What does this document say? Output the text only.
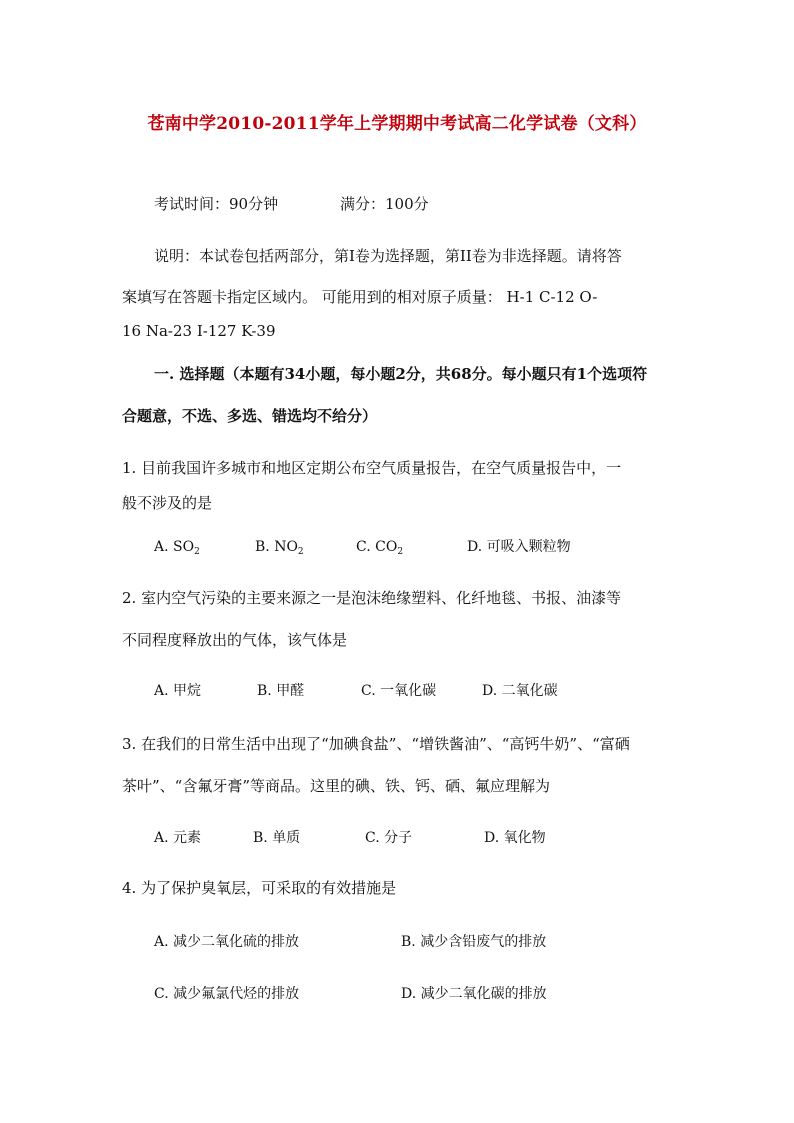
苍南中学2010-2011学年上学期期中考试高二化学试卷（文科）
考试时间：90分钟	满分：100分
说明：本试卷包括两部分，第I卷为选择题，第II卷为非选择题。请将答
案填写在答题卡指定区域内。 可能用到的相对原子质量： H-1 C-12 O-
16 Na-23 I-127 K-39
一. 选择题（本题有34小题，每小题2分，共68分。每小题只有1个选项符
合题意，不选、多选、错选均不给分）
1. 目前我国许多城市和地区定期公布空气质量报告，在空气质量报告中，一
般不涉及的是
A. $SO_2$	B. $NO_2$	C. $CO_2$	D. 可吸入颗粒物
2. 室内空气污染的主要来源之一是泡沫绝缘塑料、化纤地毯、书报、油漆等
不同程度释放出的气体，该气体是
A. 甲烷	B. 甲醛	C. 一氧化碳	D. 二氧化碳
3. 在我们的日常生活中出现了“加碘食盐”、“增铁酱油”、“高钙牛奶”、“富硒
茶叶”、“含氟牙膏”等商品。这里的碘、铁、钙、硒、氟应理解为
A. 元素	B. 单质	C. 分子	D. 氧化物
4. 为了保护臭氧层，可采取的有效措施是
A. 减少二氧化硫的排放	B. 减少含铅废气的排放
C. 减少氟氯代烃的排放	D. 减少二氧化碳的排放
